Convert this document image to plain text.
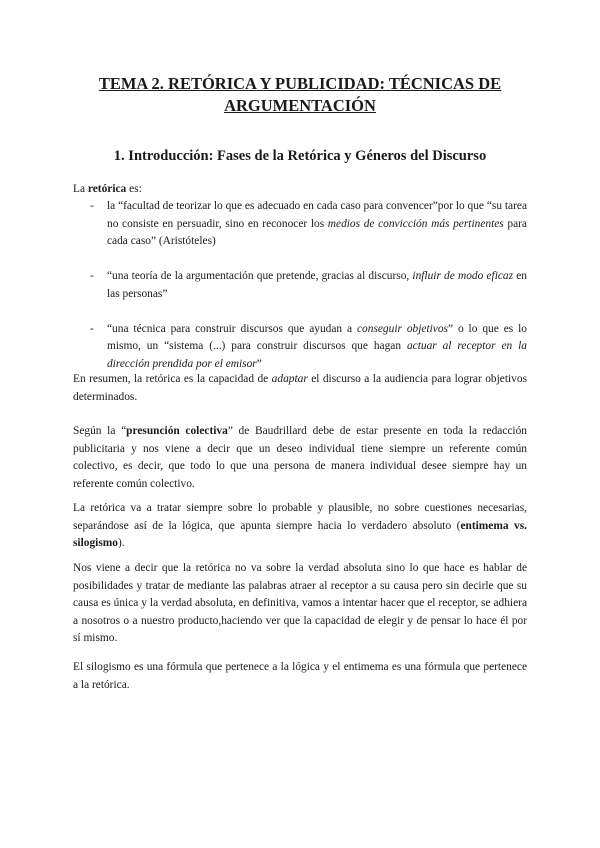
TEMA 2. RETÓRICA Y PUBLICIDAD: TÉCNICAS DE ARGUMENTACIÓN
1. Introducción: Fases de la Retórica y Géneros del Discurso

La retórica es:

- la “facultad de teorizar lo que es adecuado en cada caso para convencer”por lo que “su tarea no consiste en persuadir, sino en reconocer los medios de convicción más pertinentes para cada caso” (Aristóteles)
- “una teoría de la argumentación que pretende, gracias al discurso, influir de modo eficaz en las personas”
- “una técnica para construir discursos que ayudan a conseguir objetivos” o lo que es lo mismo, un “sistema (...) para construir discursos que hagan actuar al receptor en la dirección prendida por el emisor”

En resumen, la retórica es la capacidad de adaptar el discurso a la audiencia para lograr objetivos determinados.

Según la “presunción colectiva” de Baudrillard debe de estar presente en toda la redacción publicitaria y nos viene a decir que un deseo individual tiene siempre un referente común colectivo, es decir, que todo lo que una persona de manera individual desee siempre hay un referente común colectivo.

La retórica va a tratar siempre sobre lo probable y plausible, no sobre cuestiones necesarias, separándose así de la lógica, que apunta siempre hacia lo verdadero absoluto (entimema vs. silogismo).

Nos viene a decir que la retórica no va sobre la verdad absoluta sino lo que hace es hablar de posibilidades y tratar de mediante las palabras atraer al receptor a su causa pero sin decirle que su causa es única y la verdad absoluta, en definitiva, vamos a intentar hacer que el receptor, se adhiera a nosotros o a nuestro producto,haciendo ver que la capacidad de elegir y de pensar lo hace él por sí mismo.

El silogismo es una fórmula que pertenece a la lógica y el entimema es una fórmula que pertenece a la retórica.
